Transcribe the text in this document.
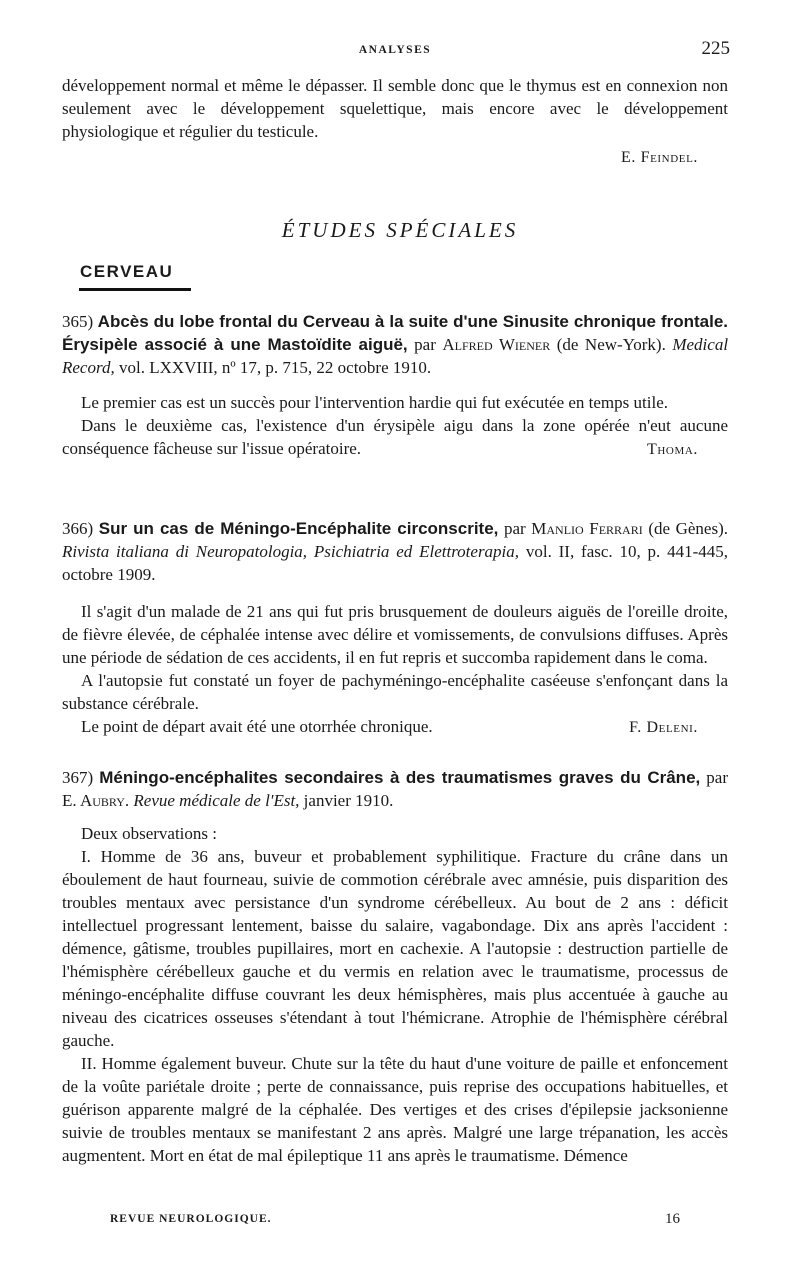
ANALYSES	225

développement normal et même le dépasser. Il semble donc que le thymus est en connexion non seulement avec le développement squelettique, mais encore avec le développement physiologique et régulier du testicule.

E. Feindel.
ÉTUDES SPÉCIALES
CERVEAU

365) Abcès du lobe frontal du Cerveau à la suite d'une Sinusite chronique frontale. Érysipèle associé à une Mastoïdite aiguë, par Alfred Wiener (de New-York). Medical Record, vol. LXXVIII, nº 17, p. 715, 22 octobre 1910.

Le premier cas est un succès pour l'intervention hardie qui fut exécutée en temps utile.

Dans le deuxième cas, l'existence d'un érysipèle aigu dans la zone opérée n'eut aucune conséquence fâcheuse sur l'issue opératoire.	Thoma.

366) Sur un cas de Méningo-Encéphalite circonscrite, par Manlio Ferrari (de Gènes). Rivista italiana di Neuropatologia, Psichiatria ed Elettroterapia, vol. II, fasc. 10, p. 441-445, octobre 1909.

Il s'agit d'un malade de 21 ans qui fut pris brusquement de douleurs aiguës de l'oreille droite, de fièvre élevée, de céphalée intense avec délire et vomissements, de convulsions diffuses. Après une période de sédation de ces accidents, il en fut repris et succomba rapidement dans le coma.

A l'autopsie fut constaté un foyer de pachyméningo-encéphalite caséeuse s'enfonçant dans la substance cérébrale.

Le point de départ avait été une otorrhée chronique.	F. Deleni.

367) Méningo-encéphalites secondaires à des traumatismes graves du Crâne, par E. Aubry. Revue médicale de l'Est, janvier 1910.

Deux observations :

I. Homme de 36 ans, buveur et probablement syphilitique. Fracture du crâne dans un éboulement de haut fourneau, suivie de commotion cérébrale avec amnésie, puis disparition des troubles mentaux avec persistance d'un syndrome cérébelleux. Au bout de 2 ans : déficit intellectuel progressant lentement, baisse du salaire, vagabondage. Dix ans après l'accident : démence, gâtisme, troubles pupillaires, mort en cachexie. A l'autopsie : destruction partielle de l'hémisphère cérébelleux gauche et du vermis en relation avec le traumatisme, processus de méningo-encéphalite diffuse couvrant les deux hémisphères, mais plus accentuée à gauche au niveau des cicatrices osseuses s'étendant à tout l'hémicrane. Atrophie de l'hémisphère cérébral gauche.

II. Homme également buveur. Chute sur la tête du haut d'une voiture de paille et enfoncement de la voûte pariétale droite ; perte de connaissance, puis reprise des occupations habituelles, et guérison apparente malgré de la céphalée. Des vertiges et des crises d'épilepsie jacksonienne suivie de troubles mentaux se manifestant 2 ans après. Malgré une large trépanation, les accès augmentent. Mort en état de mal épileptique 11 ans après le traumatisme. Démence

REVUE NEUROLOGIQUE.	16
